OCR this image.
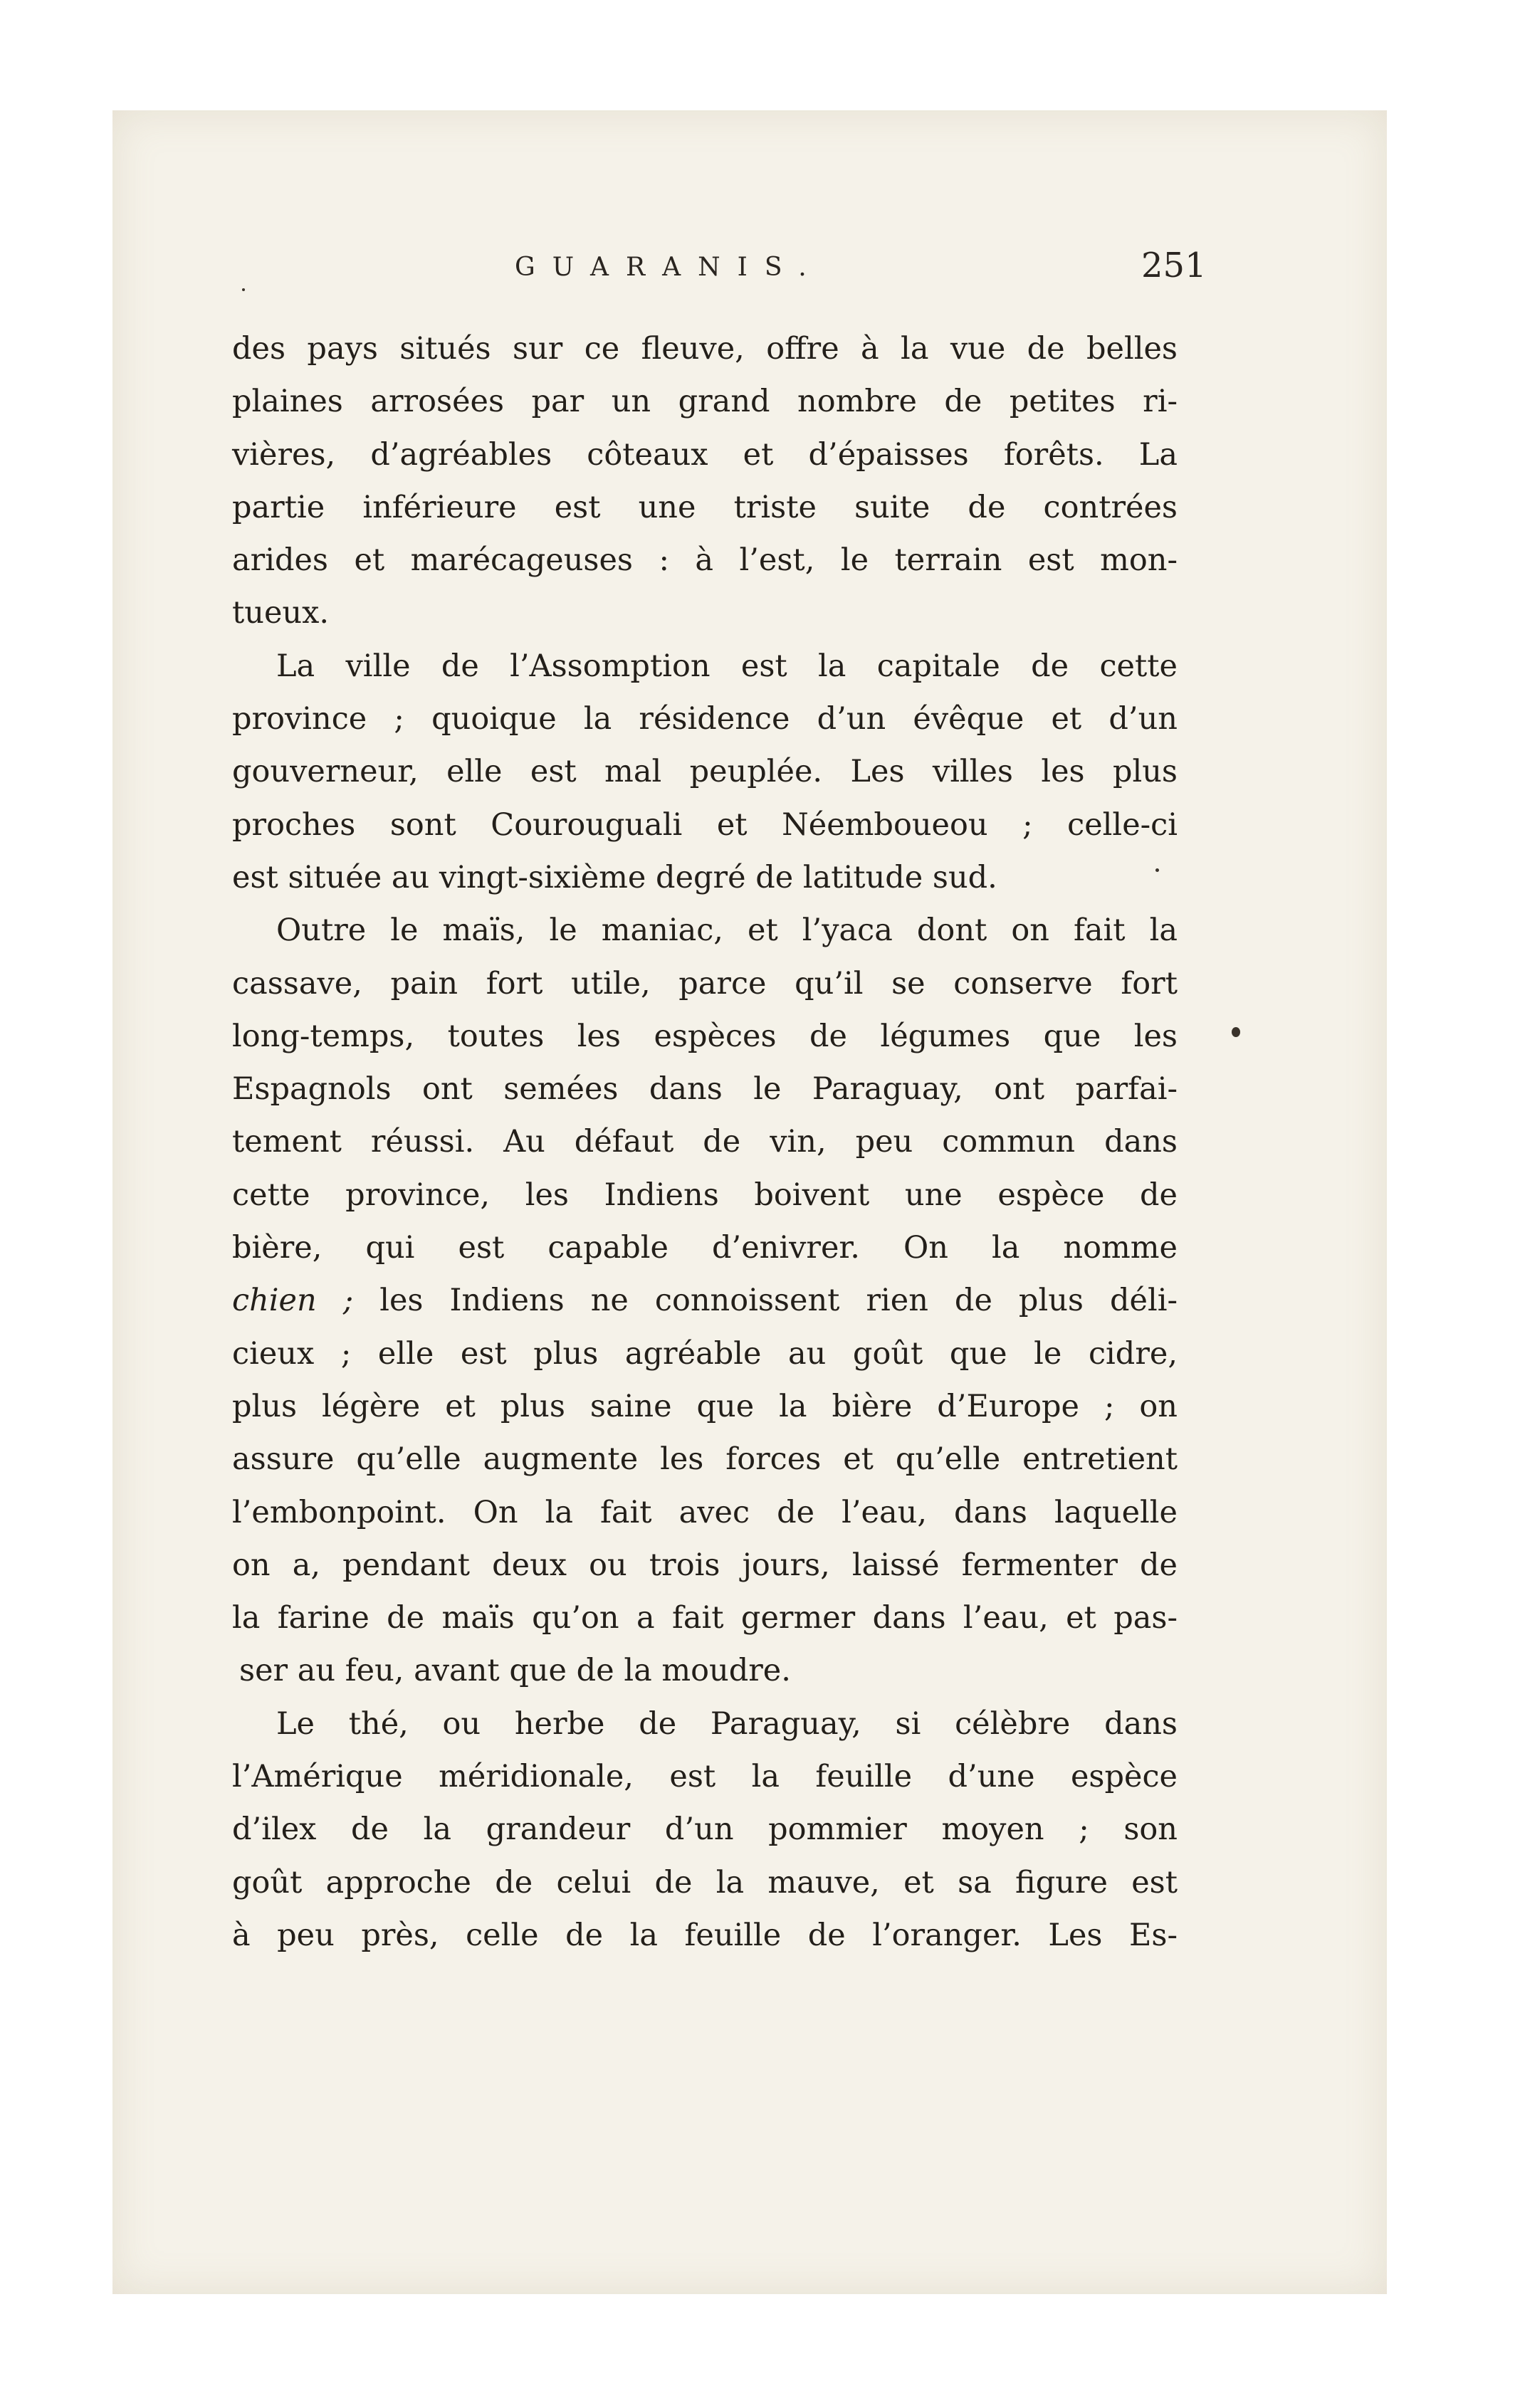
GUARANIS.	251
des pays situés sur ce fleuve, offre à la vue de belles
plaines arrosées par un grand nombre de petites ri-
vières, d’agréables côteaux et d’épaisses forêts. La
partie inférieure est une triste suite de contrées
arides et marécageuses : à l’est, le terrain est mon-
tueux.
La ville de l’Assomption est la capitale de cette
province ; quoique la résidence d’un évêque et d’un
gouverneur, elle est mal peuplée. Les villes les plus
proches sont Courouguali et Néemboueou ; celle-ci
est située au vingt-sixième degré de latitude sud.
Outre le maïs, le maniac, et l’yaca dont on fait la
cassave, pain fort utile, parce qu’il se conserve fort
long-temps, toutes les espèces de légumes que les
Espagnols ont semées dans le Paraguay, ont parfai-
tement réussi. Au défaut de vin, peu commun dans
cette province, les Indiens boivent une espèce de
bière, qui est capable d’enivrer. On la nomme
chien ; les Indiens ne connoissent rien de plus déli-
cieux ; elle est plus agréable au goût que le cidre,
plus légère et plus saine que la bière d’Europe ; on
assure qu’elle augmente les forces et qu’elle entretient
l’embonpoint. On la fait avec de l’eau, dans laquelle
on a, pendant deux ou trois jours, laissé fermenter de
la farine de maïs qu’on a fait germer dans l’eau, et pas-
ser au feu, avant que de la moudre.
Le thé, ou herbe de Paraguay, si célèbre dans
l’Amérique méridionale, est la feuille d’une espèce
d’ilex de la grandeur d’un pommier moyen ; son
goût approche de celui de la mauve, et sa figure est
à peu près, celle de la feuille de l’oranger. Les Es-
